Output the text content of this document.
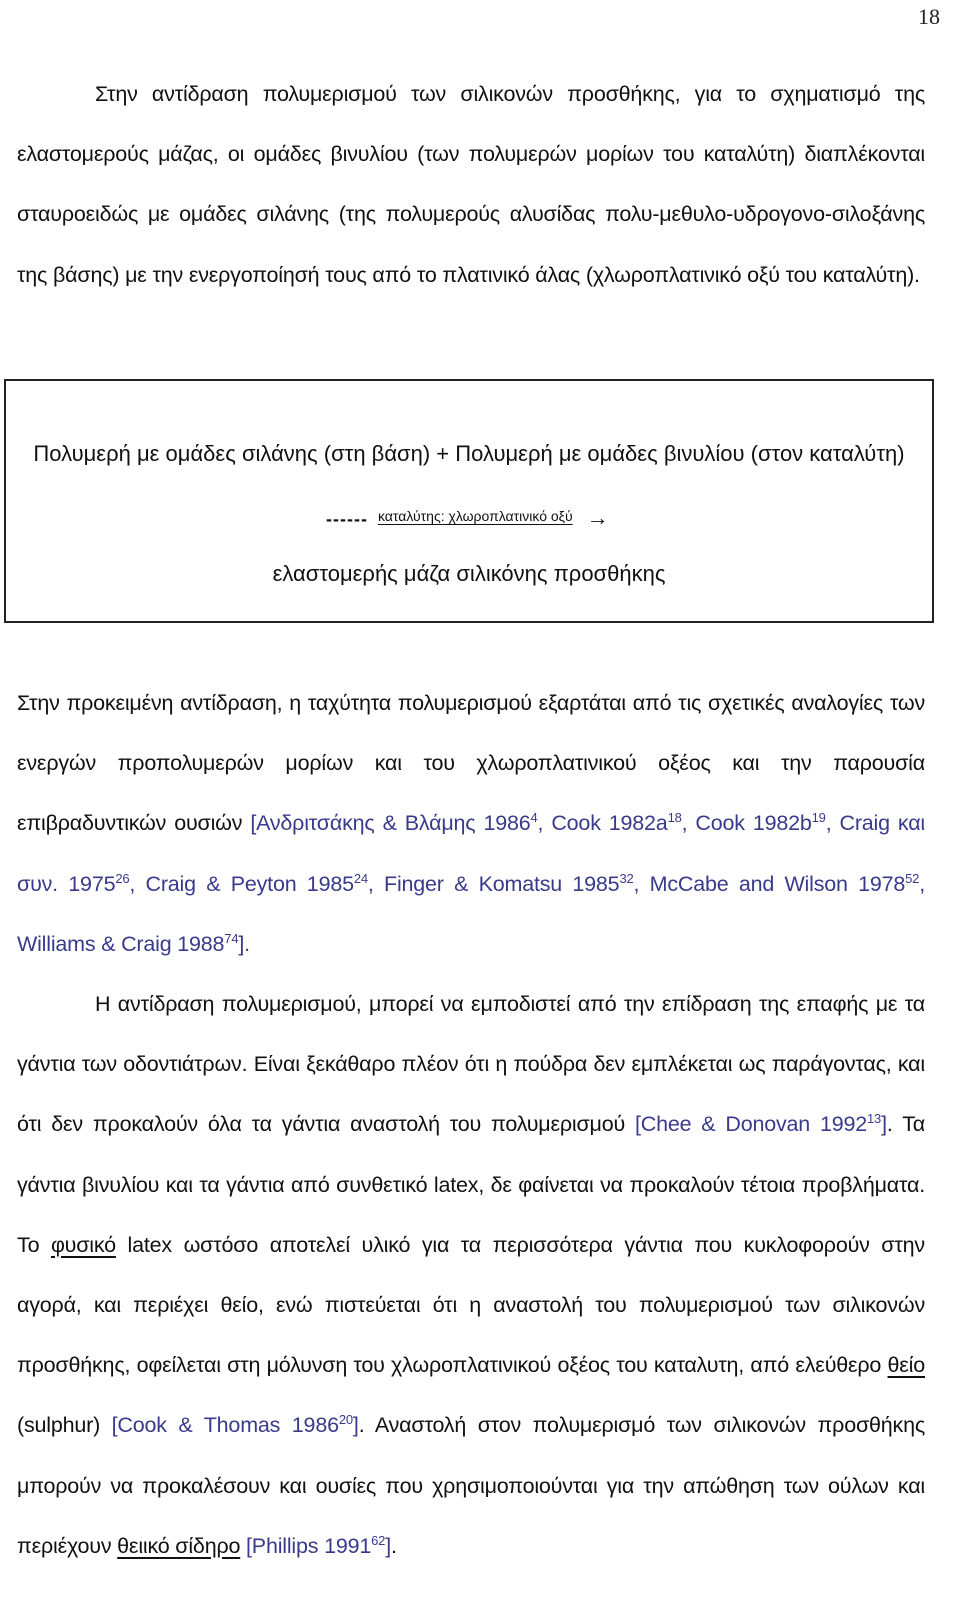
18

Στην αντίδραση πολυμερισμού των σιλικονών προσθήκης, για το σχηματισμό της ελαστομερούς μάζας, οι ομάδες βινυλίου (των πολυμερών μορίων του καταλύτη) διαπλέκονται σταυροειδώς με ομάδες σιλάνης (της πολυμερούς αλυσίδας πολυ-μεθυλο-υδρογονο-σιλοξάνης της βάσης) με την ενεργοποίησή τους από το πλατινικό άλας (χλωροπλατινικό οξύ του καταλύτη).

Πολυμερή με ομάδες σιλάνης (στη βάση) + Πολυμερή με ομάδες βινυλίου (στον καταλύτη)
------ καταλύτης: χλωροπλατινικό οξύ →
ελαστομερής μάζα σιλικόνης προσθήκης

Στην προκειμένη αντίδραση, η ταχύτητα πολυμερισμού εξαρτάται από τις σχετικές αναλογίες των ενεργών προπολυμερών μορίων και του χλωροπλατινικού οξέος και την παρουσία επιβραδυντικών ουσιών [Ανδριτσάκης & Βλάμης 1986$^4$, Cook $1982a^{18}$, Cook $1982b^{19}$, Craig και συν. 1975$^{26}$, Craig & Peyton 1985$^{24}$, Finger & Komatsu 1985$^{32}$, McCabe and Wilson 1978$^{52}$, Williams & Craig 1988$^{74}$].

Η αντίδραση πολυμερισμού, μπορεί να εμποδιστεί από την επίδραση της επαφής με τα γάντια των οδοντιάτρων. Είναι ξεκάθαρο πλέον ότι η πούδρα δεν εμπλέκεται ως παράγοντας, και ότι δεν προκαλούν όλα τα γάντια αναστολή του πολυμερισμού [Chee & Donovan 1992$^{13}$]. Τα γάντια βινυλίου και τα γάντια από συνθετικό latex, δε φαίνεται να προκαλούν τέτοια προβλήματα. Το φυσικό latex ωστόσο αποτελεί υλικό για τα περισσότερα γάντια που κυκλοφορούν στην αγορά, και περιέχει θείο, ενώ πιστεύεται ότι η αναστολή του πολυμερισμού των σιλικονών προσθήκης, οφείλεται στη μόλυνση του χλωροπλατινικού οξέος του καταλυτη, από ελεύθερο θείο (sulphur) [Cook & Thomas 1986$^{20}$]. Αναστολή στον πολυμερισμό των σιλικονών προσθήκης μπορούν να προκαλέσουν και ουσίες που χρησιμοποιούνται για την απώθηση των ούλων και περιέχουν θειικό σίδηρο [Phillips 1991$^{62}$].
